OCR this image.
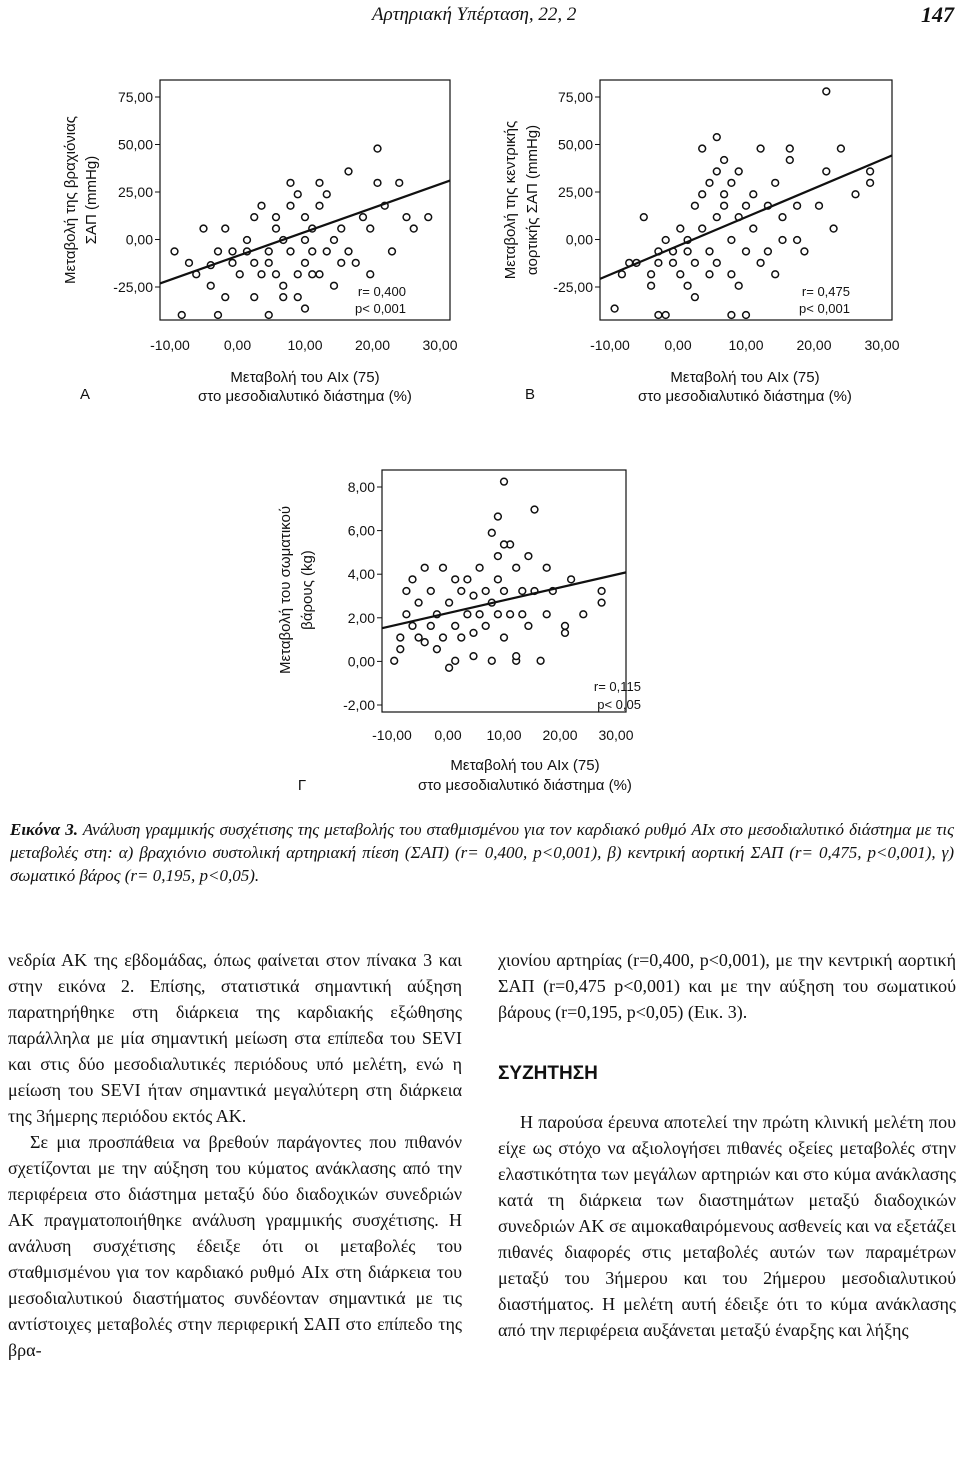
Αρτηριακή Υπέρταση, 22, 2	147
75,00
50,00
25,00
0,00
-25,00
-10,00 0,00	10,00 20,00 30,00
Μεταβολή της βραχιόνιας ΣΑΠ (mmHg)
Μεταβολή του AIx (75)
στο μεσοδιαλυτικό διάστημα (%)
A
r= 0,400
p< 0,001
75,00
50,00
25,00
0,00
-25,00
-10,00 0,00	10,00 20,00 30,00
Μεταβολή της κεντρικής αορτικής ΣΑΠ (mmHg)
Μεταβολή του AIx (75)
στο μεσοδιαλυτικό διάστημα (%)
B
r= 0,475
p< 0,001
8,00
6,00
4,00
2,00
0,00
-2,00
-10,00 0,00 10,00 20,00 30,00
Μεταβολή του σωματικού βάρους (kg)
Μεταβολή του AIx (75)
στο μεσοδιαλυτικό διάστημα (%)
Γ
r= 0,115
p< 0,05
Εικόνα 3. Ανάλυση γραμμικής συσχέτισης της μεταβολής του σταθμισμένου για τον καρδιακό ρυθμό AIx στο μεσοδιαλυτικό διάστημα με τις μεταβολές στη: α) βραχιόνιο συστολική αρτηριακή πίεση (ΣΑΠ) (r= 0,400, p<0,001), β) κεντρική αορτική ΣΑΠ (r= 0,475, p<0,001), γ) σωματικό βάρος (r= 0,195, p<0,05).

νεδρία ΑΚ της εβδομάδας, όπως φαίνεται στον πίνακα 3 και στην εικόνα 2. Επίσης, στατιστικά σημαντική αύξηση παρατηρήθηκε στη διάρκεια της καρδιακής εξώθησης παράλληλα με μία σημαντική μείωση στα επίπεδα του SEVI και στις δύο μεσοδιαλυτικές περιόδους υπό μελέτη, ενώ η μείωση του SEVI ήταν σημαντικά μεγαλύτερη στη διάρκεια της 3ήμερης περιόδου εκτός ΑΚ.

Σε μια προσπάθεια να βρεθούν παράγοντες που πιθανόν σχετίζονται με την αύξηση του κύματος ανάκλασης από την περιφέρεια στο διάστημα μεταξύ δύο διαδοχικών συνεδριών ΑΚ πραγματοποιήθηκε ανάλυση γραμμικής συσχέτισης. Η ανάλυση συσχέτισης έδειξε ότι οι μεταβολές του σταθμισμένου για τον καρδιακό ρυθμό AIx στη διάρκεια του μεσοδιαλυτικού διαστήματος συνδέονταν σημαντικά με τις αντίστοιχες μεταβολές στην περιφερική ΣΑΠ στο επίπεδο της βρα-

χιονίου αρτηρίας (r=0,400, p<0,001), με την κεντρική αορτική ΣΑΠ (r=0,475 p<0,001) και με την αύξηση του σωματικού βάρους (r=0,195, p<0,05) (Εικ. 3).

ΣΥΖΗΤΗΣΗ

Η παρούσα έρευνα αποτελεί την πρώτη κλινική μελέτη που είχε ως στόχο να αξιολογήσει πιθανές οξείες μεταβολές στην ελαστικότητα των μεγάλων αρτηριών και στο κύμα ανάκλασης κατά τη διάρκεια των διαστημάτων μεταξύ διαδοχικών συνεδριών ΑΚ σε αιμοκαθαιρόμενους ασθενείς και να εξετάζει πιθανές διαφορές στις μεταβολές αυτών των παραμέτρων μεταξύ του 3ήμερου και του 2ήμερου μεσοδιαλυτικού διαστήματος. Η μελέτη αυτή έδειξε ότι το κύμα ανάκλασης από την περιφέρεια αυξάνεται μεταξύ έναρξης και λήξης
